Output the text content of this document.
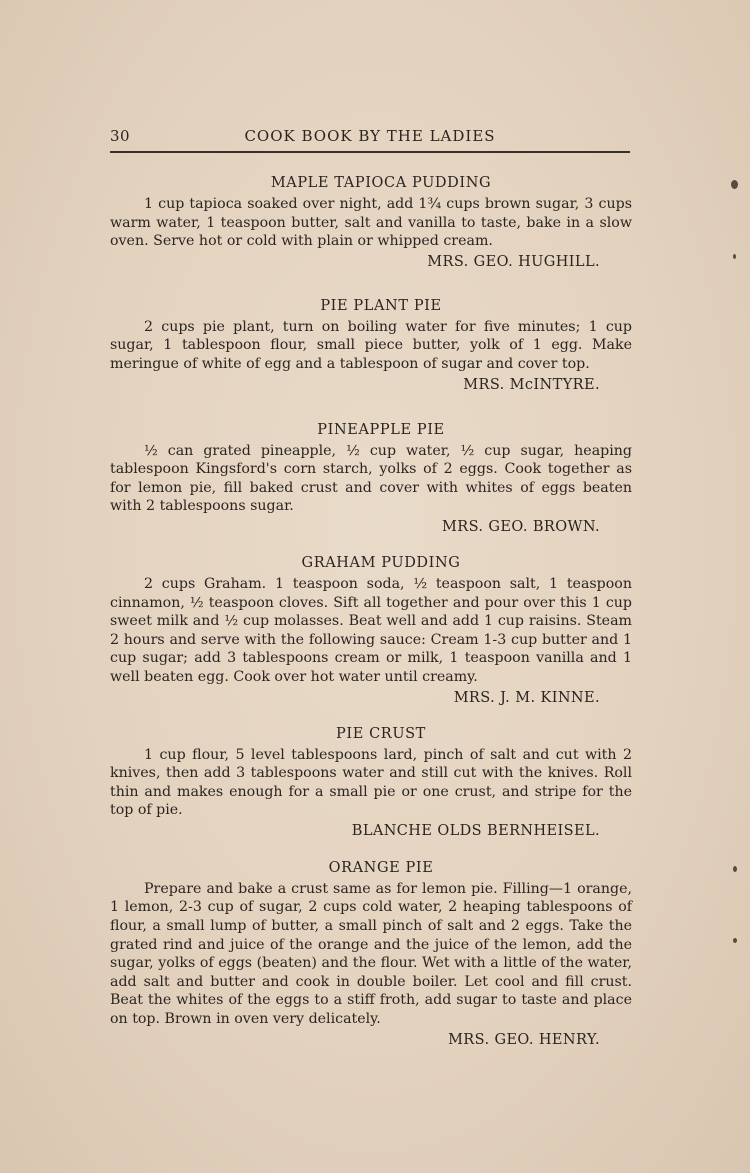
30	COOK BOOK BY THE LADIES
MAPLE TAPIOCA PUDDING

1 cup tapioca soaked over night, add 1¾ cups brown sugar, 3 cups warm water, 1 teaspoon butter, salt and vanilla to taste, bake in a slow oven. Serve hot or cold with plain or whipped cream.

MRS. GEO. HUGHILL.
PIE PLANT PIE

2 cups pie plant, turn on boiling water for five minutes; 1 cup sugar, 1 tablespoon flour, small piece butter, yolk of 1 egg. Make meringue of white of egg and a tablespoon of sugar and cover top.

MRS. McINTYRE.
PINEAPPLE PIE

½ can grated pineapple, ½ cup water, ½ cup sugar, heaping tablespoon Kingsford's corn starch, yolks of 2 eggs. Cook together as for lemon pie, fill baked crust and cover with whites of eggs beaten with 2 tablespoons sugar.

MRS. GEO. BROWN.
GRAHAM PUDDING

2 cups Graham. 1 teaspoon soda, ½ teaspoon salt, 1 teaspoon cinnamon, ½ teaspoon cloves. Sift all together and pour over this 1 cup sweet milk and ½ cup molasses. Beat well and add 1 cup raisins. Steam 2 hours and serve with the following sauce: Cream 1-3 cup butter and 1 cup sugar; add 3 tablespoons cream or milk, 1 teaspoon vanilla and 1 well beaten egg. Cook over hot water until creamy.

MRS. J. M. KINNE.
PIE CRUST

1 cup flour, 5 level tablespoons lard, pinch of salt and cut with 2 knives, then add 3 tablespoons water and still cut with the knives. Roll thin and makes enough for a small pie or one crust, and stripe for the top of pie.

BLANCHE OLDS BERNHEISEL.
ORANGE PIE

Prepare and bake a crust same as for lemon pie. Filling—1 orange, 1 lemon, 2-3 cup of sugar, 2 cups cold water, 2 heaping tablespoons of flour, a small lump of butter, a small pinch of salt and 2 eggs. Take the grated rind and juice of the orange and the juice of the lemon, add the sugar, yolks of eggs (beaten) and the flour. Wet with a little of the water, add salt and butter and cook in double boiler. Let cool and fill crust. Beat the whites of the eggs to a stiff froth, add sugar to taste and place on top. Brown in oven very delicately.

MRS. GEO. HENRY.
